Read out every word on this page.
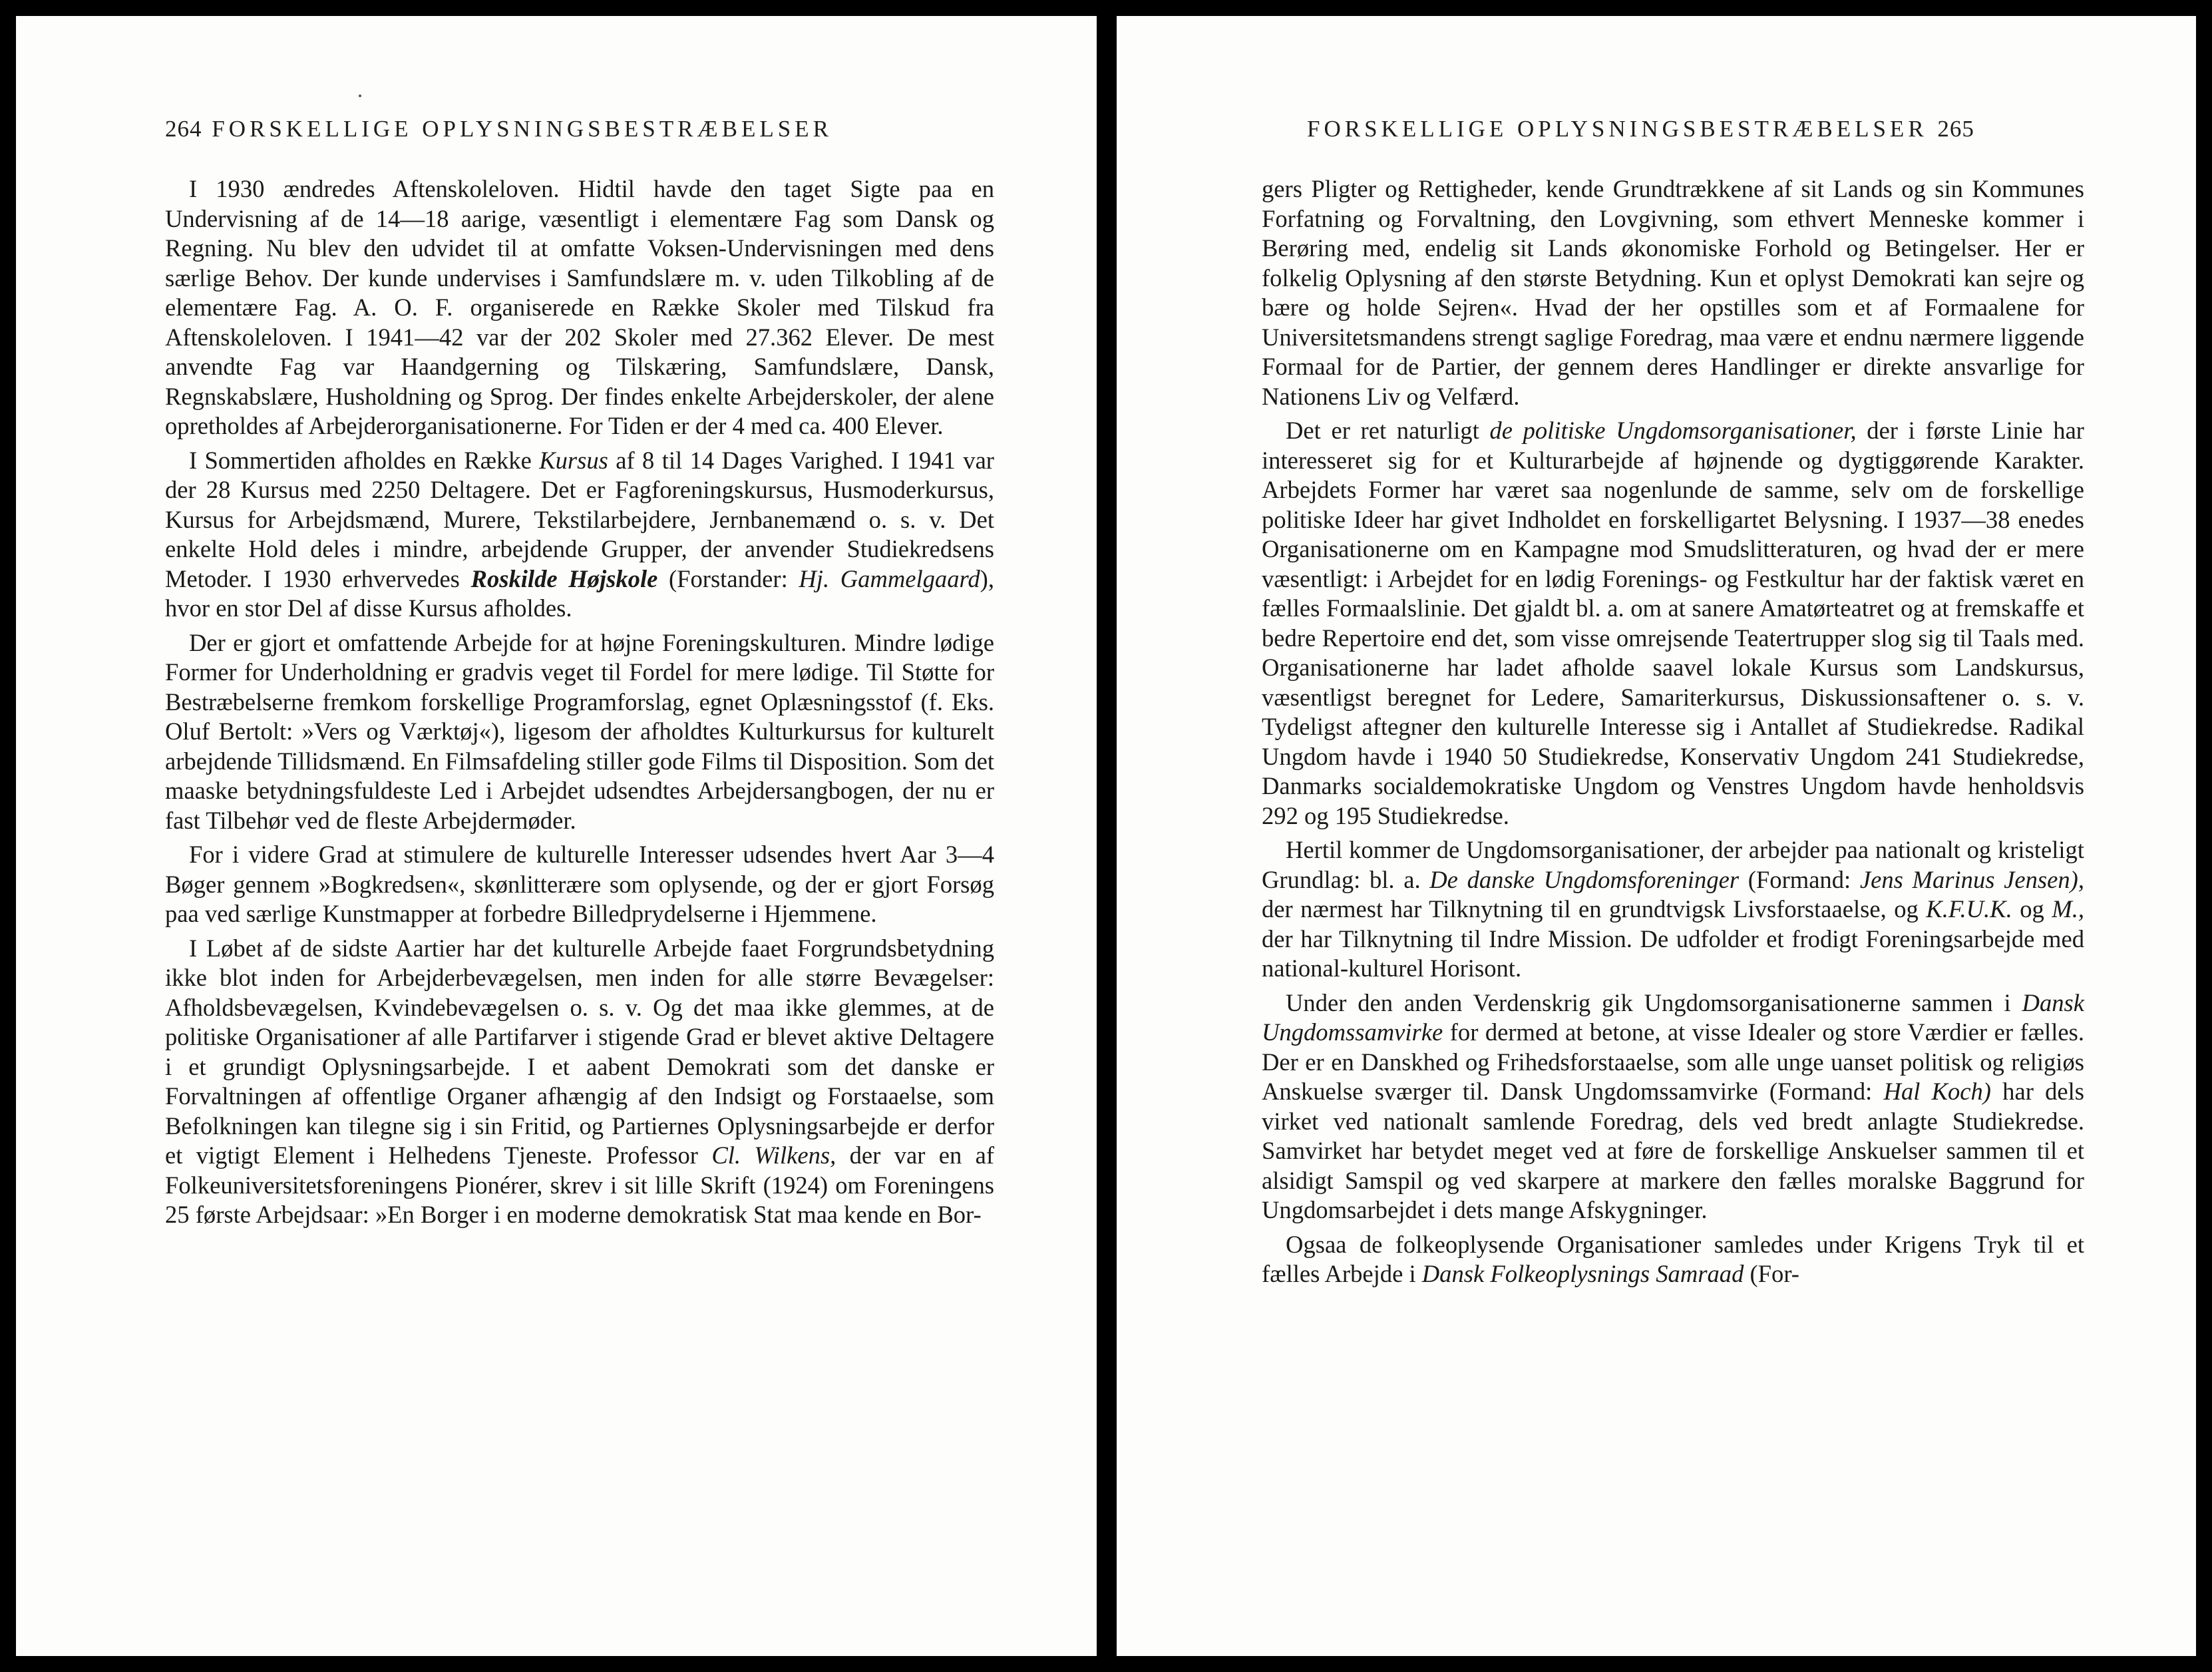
264 FORSKELLIGE OPLYSNINGSBESTRÆBELSER

I 1930 ændredes Aftenskoleloven. Hidtil havde den taget Sigte paa en Undervisning af de 14—18 aarige, væsentligt i elementære Fag som Dansk og Regning. Nu blev den udvidet til at omfatte Voksen-Undervisningen med dens særlige Behov. Der kunde undervises i Samfundslære m. v. uden Tilkobling af de elementære Fag. A. O. F. organiserede en Række Skoler med Tilskud fra Aftenskoleloven. I 1941—42 var der 202 Skoler med 27.362 Elever. De mest anvendte Fag var Haandgerning og Tilskæring, Samfundslære, Dansk, Regnskabslære, Husholdning og Sprog. Der findes enkelte Arbejderskoler, der alene opretholdes af Arbejderorganisationerne. For Tiden er der 4 med ca. 400 Elever.

I Sommertiden afholdes en Række Kursus af 8 til 14 Dages Varighed. I 1941 var der 28 Kursus med 2250 Deltagere. Det er Fagforeningskursus, Husmoderkursus, Kursus for Arbejdsmænd, Murere, Tekstilarbejdere, Jernbanemænd o. s. v. Det enkelte Hold deles i mindre, arbejdende Grupper, der anvender Studiekredsens Metoder. I 1930 erhvervedes Roskilde Højskole (Forstander: Hj. Gammelgaard), hvor en stor Del af disse Kursus afholdes.

Der er gjort et omfattende Arbejde for at højne Foreningskulturen. Mindre lødige Former for Underholdning er gradvis veget til Fordel for mere lødige. Til Støtte for Bestræbelserne fremkom forskellige Programforslag, egnet Oplæsningsstof (f. Eks. Oluf Bertolt: »Vers og Værktøj«), ligesom der afholdtes Kulturkursus for kulturelt arbejdende Tillidsmænd. En Filmsafdeling stiller gode Films til Disposition. Som det maaske betydningsfuldeste Led i Arbejdet udsendtes Arbejdersangbogen, der nu er fast Tilbehør ved de fleste Arbejdermøder.

For i videre Grad at stimulere de kulturelle Interesser udsendes hvert Aar 3—4 Bøger gennem »Bogkredsen«, skønlitterære som oplysende, og der er gjort Forsøg paa ved særlige Kunstmapper at forbedre Billedprydelserne i Hjemmene.

I Løbet af de sidste Aartier har det kulturelle Arbejde faaet Forgrundsbetydning ikke blot inden for Arbejderbevægelsen, men inden for alle større Bevægelser: Afholdsbevægelsen, Kvindebevægelsen o. s. v. Og det maa ikke glemmes, at de politiske Organisationer af alle Partifarver i stigende Grad er blevet aktive Deltagere i et grundigt Oplysningsarbejde. I et aabent Demokrati som det danske er Forvaltningen af offentlige Organer afhængig af den Indsigt og Forstaaelse, som Befolkningen kan tilegne sig i sin Fritid, og Partiernes Oplysningsarbejde er derfor et vigtigt Element i Helhedens Tjeneste. Professor Cl. Wilkens, der var en af Folkeuniversitetsforeningens Pionérer, skrev i sit lille Skrift (1924) om Foreningens 25 første Arbejdsaar: »En Borger i en moderne demokratisk Stat maa kende en Bor-

FORSKELLIGE OPLYSNINGSBESTRÆBELSER 265

gers Pligter og Rettigheder, kende Grundtrækkene af sit Lands og sin Kommunes Forfatning og Forvaltning, den Lovgivning, som ethvert Menneske kommer i Berøring med, endelig sit Lands økonomiske Forhold og Betingelser. Her er folkelig Oplysning af den største Betydning. Kun et oplyst Demokrati kan sejre og bære og holde Sejren«. Hvad der her opstilles som et af Formaalene for Universitetsmandens strengt saglige Foredrag, maa være et endnu nærmere liggende Formaal for de Partier, der gennem deres Handlinger er direkte ansvarlige for Nationens Liv og Velfærd.

Det er ret naturligt de politiske Ungdomsorganisationer, der i første Linie har interesseret sig for et Kulturarbejde af højnende og dygtiggørende Karakter. Arbejdets Former har været saa nogenlunde de samme, selv om de forskellige politiske Ideer har givet Indholdet en forskelligartet Belysning. I 1937—38 enedes Organisationerne om en Kampagne mod Smudslitteraturen, og hvad der er mere væsentligt: i Arbejdet for en lødig Forenings- og Festkultur har der faktisk været en fælles Formaalslinie. Det gjaldt bl. a. om at sanere Amatørteatret og at fremskaffe et bedre Repertoire end det, som visse omrejsende Teatertrupper slog sig til Taals med. Organisationerne har ladet afholde saavel lokale Kursus som Landskursus, væsentligst beregnet for Ledere, Samariterkursus, Diskussionsaftener o. s. v. Tydeligst aftegner den kulturelle Interesse sig i Antallet af Studiekredse. Radikal Ungdom havde i 1940 50 Studiekredse, Konservativ Ungdom 241 Studiekredse, Danmarks socialdemokratiske Ungdom og Venstres Ungdom havde henholdsvis 292 og 195 Studiekredse.

Hertil kommer de Ungdomsorganisationer, der arbejder paa nationalt og kristeligt Grundlag: bl. a. De danske Ungdomsforeninger (Formand: Jens Marinus Jensen), der nærmest har Tilknytning til en grundtvigsk Livsforstaaelse, og K.F.U.K. og M., der har Tilknytning til Indre Mission. De udfolder et frodigt Foreningsarbejde med national-kulturel Horisont.

Under den anden Verdenskrig gik Ungdomsorganisationerne sammen i Dansk Ungdomssamvirke for dermed at betone, at visse Idealer og store Værdier er fælles. Der er en Danskhed og Frihedsforstaaelse, som alle unge uanset politisk og religiøs Anskuelse sværger til. Dansk Ungdomssamvirke (Formand: Hal Koch) har dels virket ved nationalt samlende Foredrag, dels ved bredt anlagte Studiekredse. Samvirket har betydet meget ved at føre de forskellige Anskuelser sammen til et alsidigt Samspil og ved skarpere at markere den fælles moralske Baggrund for Ungdomsarbejdet i dets mange Afskygninger.

Ogsaa de folkeoplysende Organisationer samledes under Krigens Tryk til et fælles Arbejde i Dansk Folkeoplysnings Samraad (For-
